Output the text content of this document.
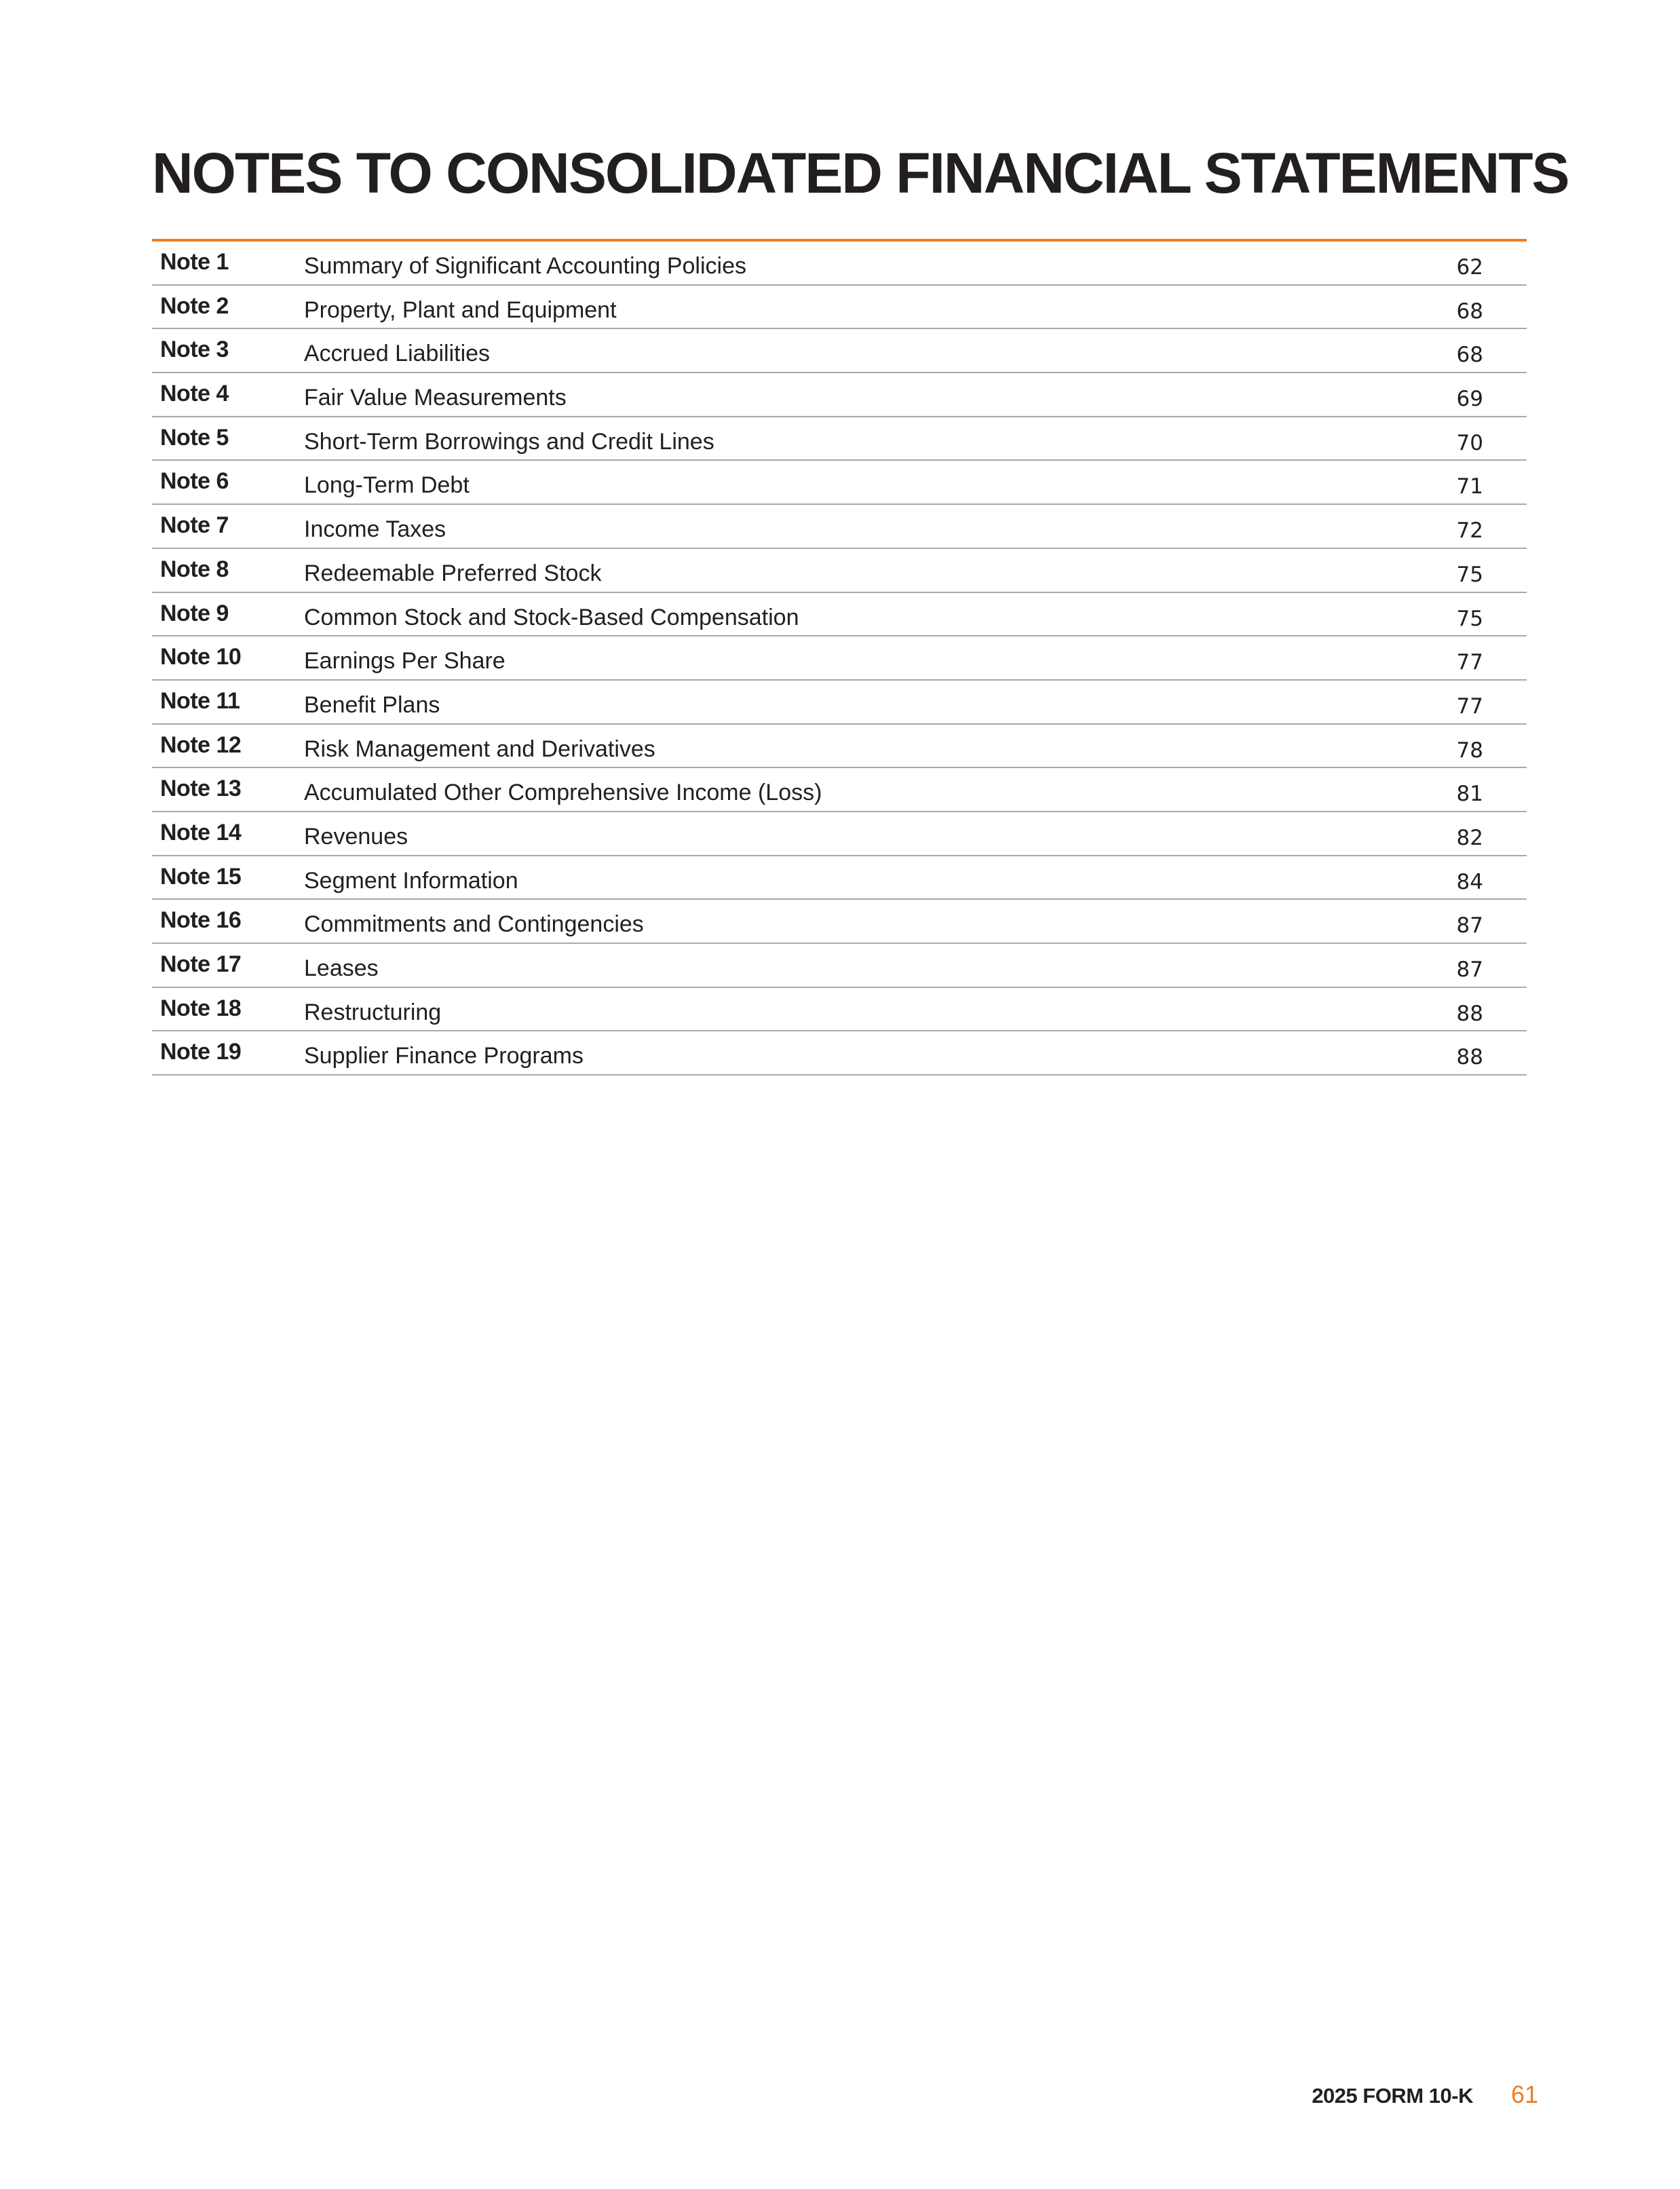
NOTES TO CONSOLIDATED FINANCIAL STATEMENTS
Note 1	Summary of Significant Accounting Policies	62
Note 2	Property, Plant and Equipment	68
Note 3	Accrued Liabilities	68
Note 4	Fair Value Measurements	69
Note 5	Short-Term Borrowings and Credit Lines	70
Note 6	Long-Term Debt	71
Note 7	Income Taxes	72
Note 8	Redeemable Preferred Stock	75
Note 9	Common Stock and Stock-Based Compensation	75
Note 10	Earnings Per Share	77
Note 11	Benefit Plans	77
Note 12	Risk Management and Derivatives	78
Note 13	Accumulated Other Comprehensive Income (Loss)	81
Note 14	Revenues	82
Note 15	Segment Information	84
Note 16	Commitments and Contingencies	87
Note 17	Leases	87
Note 18	Restructuring	88
Note 19	Supplier Finance Programs	88
2025 FORM 10-K 61
